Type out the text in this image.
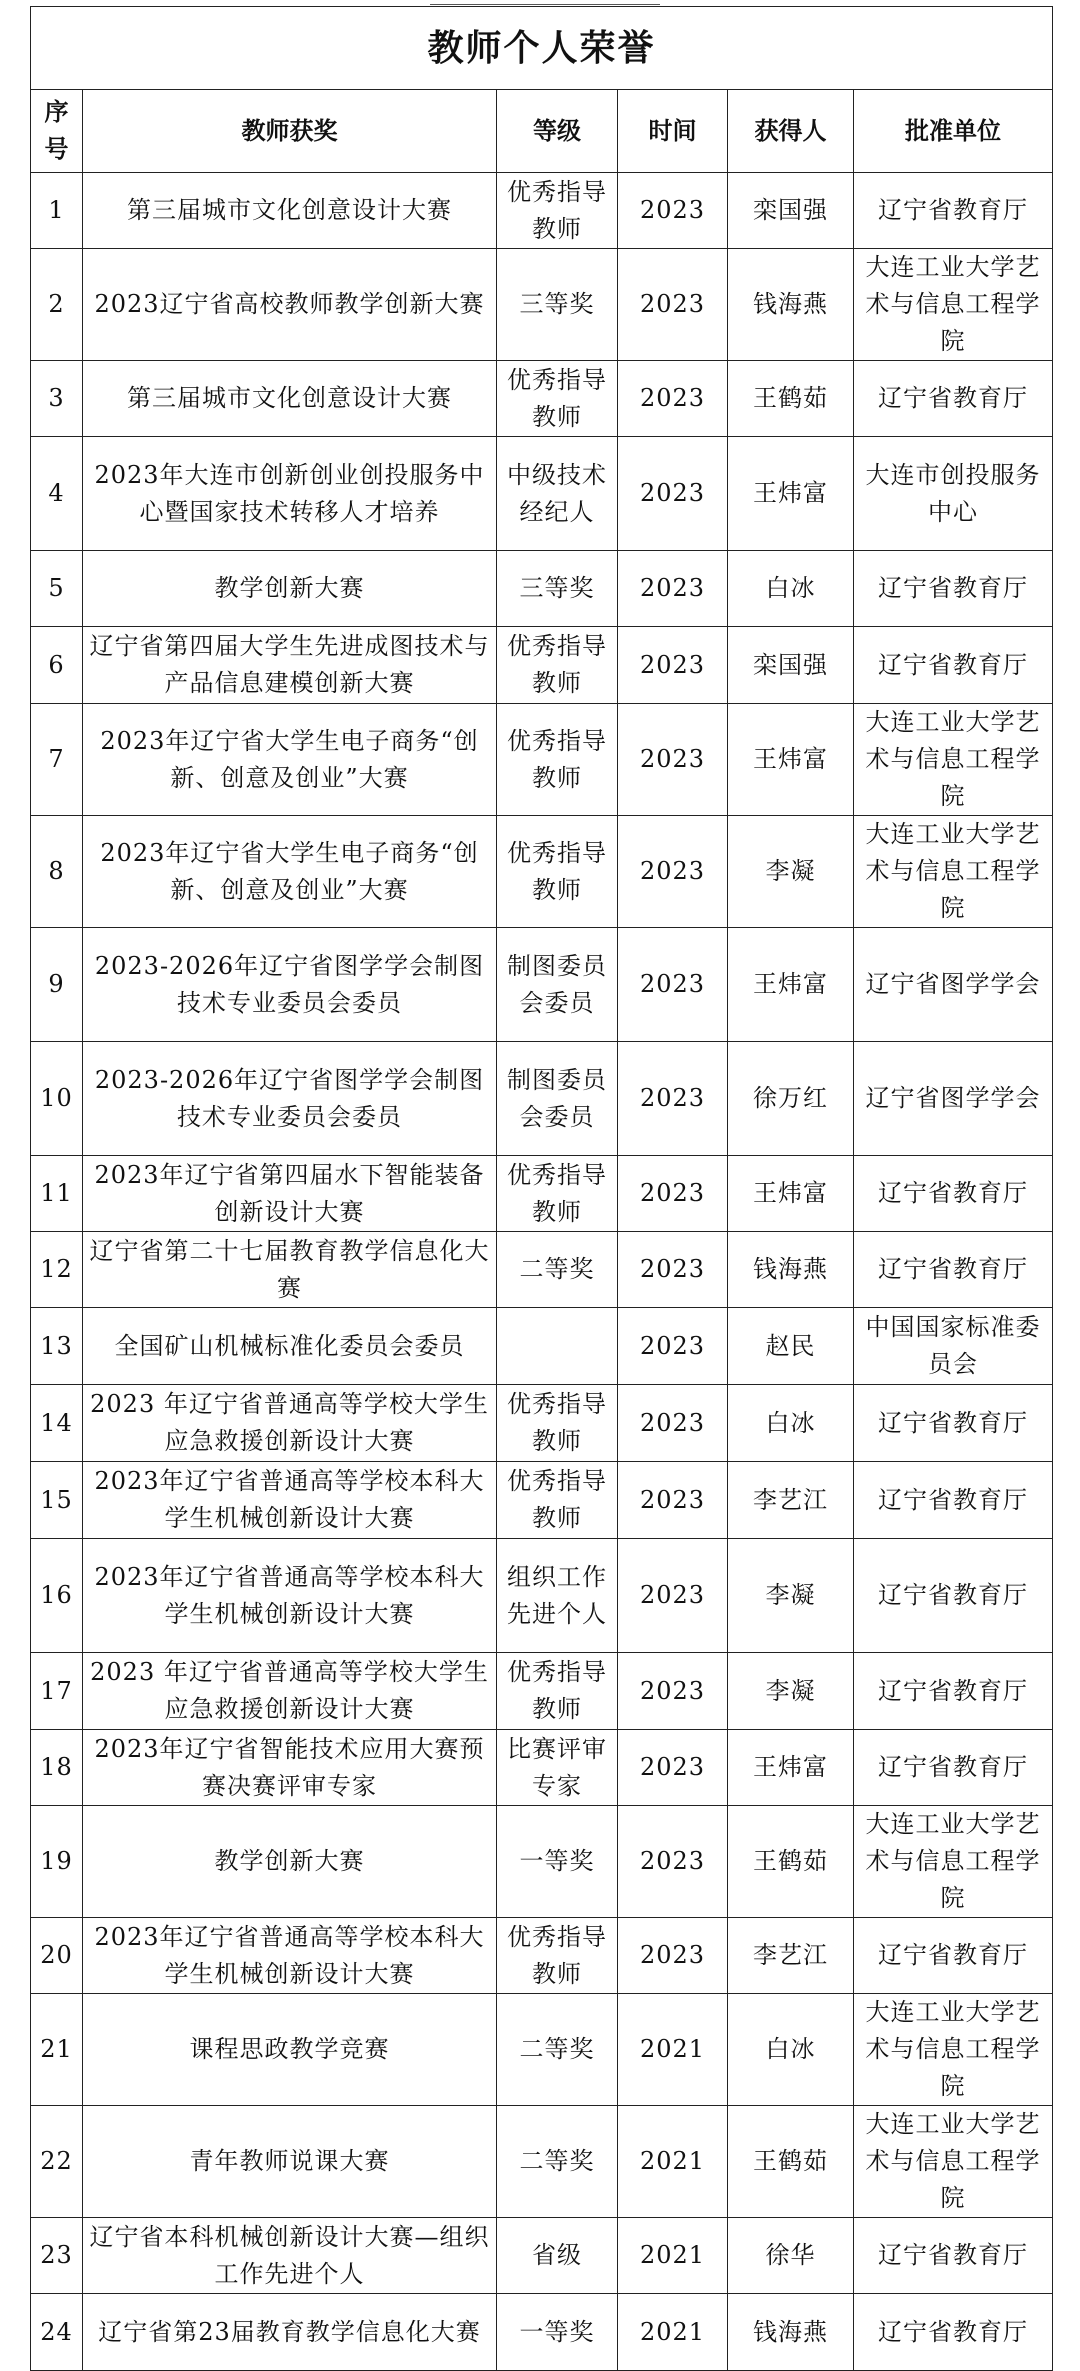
教师个人荣誉					
序号	教师获奖	等级	时间	获得人	批准单位
1	第三届城市文化创意设计大赛	优秀指导教师	2023	栾国强	辽宁省教育厅
2	2023辽宁省高校教师教学创新大赛	三等奖	2023	钱海燕	大连工业大学艺术与信息工程学院
3	第三届城市文化创意设计大赛	优秀指导教师	2023	王鹤茹	辽宁省教育厅
4	2023年大连市创新创业创投服务中心暨国家技术转移人才培养	中级技术经纪人	2023	王炜富	大连市创投服务中心
5	教学创新大赛	三等奖	2023	白冰	辽宁省教育厅
6	辽宁省第四届大学生先进成图技术与产品信息建模创新大赛	优秀指导教师	2023	栾国强	辽宁省教育厅
7	2023年辽宁省大学生电子商务“创新、创意及创业”大赛	优秀指导教师	2023	王炜富	大连工业大学艺术与信息工程学院
8	2023年辽宁省大学生电子商务“创新、创意及创业”大赛	优秀指导教师	2023	李凝	大连工业大学艺术与信息工程学院
9	2023-2026年辽宁省图学学会制图技术专业委员会委员	制图委员会委员	2023	王炜富	辽宁省图学学会
10	2023-2026年辽宁省图学学会制图技术专业委员会委员	制图委员会委员	2023	徐万红	辽宁省图学学会
11	2023年辽宁省第四届水下智能装备创新设计大赛	优秀指导教师	2023	王炜富	辽宁省教育厅
12	辽宁省第二十七届教育教学信息化大赛	二等奖	2023	钱海燕	辽宁省教育厅
13	全国矿山机械标准化委员会委员		2023	赵民	中国国家标准委员会
14	2023 年辽宁省普通高等学校大学生应急救援创新设计大赛	优秀指导教师	2023	白冰	辽宁省教育厅
15	2023年辽宁省普通高等学校本科大学生机械创新设计大赛	优秀指导教师	2023	李艺江	辽宁省教育厅
16	2023年辽宁省普通高等学校本科大学生机械创新设计大赛	组织工作先进个人	2023	李凝	辽宁省教育厅
17	2023 年辽宁省普通高等学校大学生应急救援创新设计大赛	优秀指导教师	2023	李凝	辽宁省教育厅
18	2023年辽宁省智能技术应用大赛预赛决赛评审专家	比赛评审专家	2023	王炜富	辽宁省教育厅
19	教学创新大赛	一等奖	2023	王鹤茹	大连工业大学艺术与信息工程学院
20	2023年辽宁省普通高等学校本科大学生机械创新设计大赛	优秀指导教师	2023	李艺江	辽宁省教育厅
21	课程思政教学竞赛	二等奖	2021	白冰	大连工业大学艺术与信息工程学院
22	青年教师说课大赛	二等奖	2021	王鹤茹	大连工业大学艺术与信息工程学院
23	辽宁省本科机械创新设计大赛—组织工作先进个人	省级	2021	徐华	辽宁省教育厅
24	辽宁省第23届教育教学信息化大赛	一等奖	2021	钱海燕	辽宁省教育厅
